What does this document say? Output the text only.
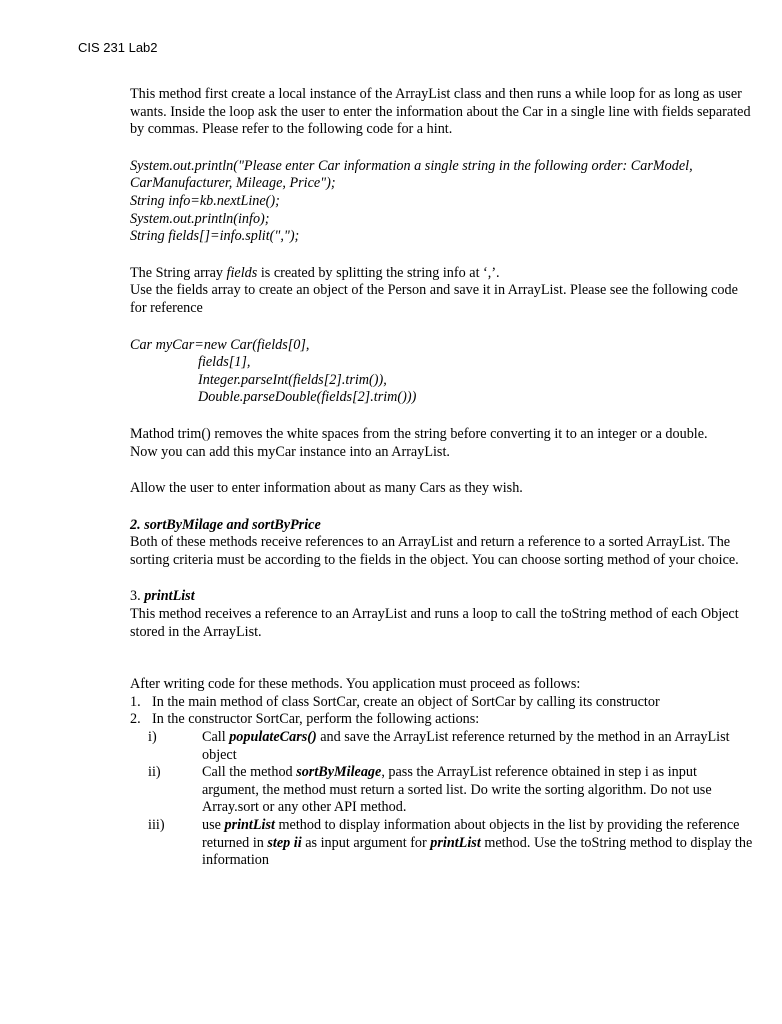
CIS 231 Lab2

This method first create a local instance of the ArrayList class and then runs a while loop for as long as user wants. Inside the loop ask the user to enter the information about the Car in a single line with fields separated by commas. Please refer to the following code for a hint.

System.out.println("Please enter Car information a single string in the following order: CarModel, CarManufacturer, Mileage, Price");
String info=kb.nextLine();
System.out.println(info);
String fields[]=info.split(",");

The String array fields is created by splitting the string info at ‘,’.

Use the fields array to create an object of the Person and save it in ArrayList. Please see the following code for reference

Car myCar=new Car(fields[0],
fields[1],
Integer.parseInt(fields[2].trim()),
Double.parseDouble(fields[2].trim()))

Mathod trim() removes the white spaces from the string before converting it to an integer or a double.

Now you can add this myCar instance into an ArrayList.

Allow the user to enter information about as many Cars as they wish.

2. sortByMilage and sortByPrice

Both of these methods receive references to an ArrayList and return a reference to a sorted ArrayList. The sorting criteria must be according to the fields in the object. You can choose sorting method of your choice.

3. printList

This method receives a reference to an ArrayList and runs a loop to call the toString method of each Object stored in the ArrayList.

After writing code for these methods. You application must proceed as follows:

1. In the main method of class SortCar, create an object of SortCar by calling its constructor
2. In the constructor SortCar, perform the following actions:
i)	Call populateCars() and save the ArrayList reference returned by the method in an ArrayList object
ii)	Call the method sortByMileage, pass the ArrayList reference obtained in step i as input argument, the method must return a sorted list. Do write the sorting algorithm. Do not use Array.sort or any other API method.
iii)	use printList method to display information about objects in the list by providing the reference returned in step ii as input argument for printList method. Use the toString method to display the information
